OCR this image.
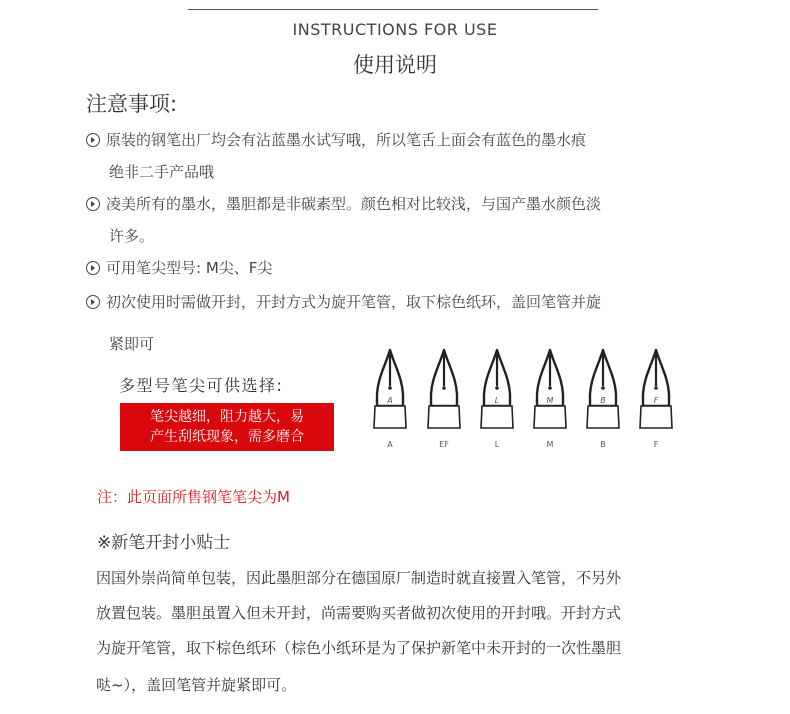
INSTRUCTIONS FOR USE
使用说明
注意事项:
原装的钢笔出厂均会有沾蓝墨水试写哦，所以笔舌上面会有蓝色的墨水痕
绝非二手产品哦
凌美所有的墨水，墨胆都是非碳素型。颜色相对比较浅，与国产墨水颜色淡
许多。
可用笔尖型号: M尖、F尖
初次使用时需做开封，开封方式为旋开笔管，取下棕色纸环，盖回笔管并旋
紧即可
多型号笔尖可供选择:
笔尖越细，阻力越大，易
产生刮纸现象，需多磨合
A
A	EF
L
L
M
M
B
B
F
F
注：此页面所售钢笔笔尖为M
※新笔开封小贴士
因国外崇尚简单包装，因此墨胆部分在德国原厂制造时就直接置入笔管，不另外
放置包装。墨胆虽置入但未开封，尚需要购买者做初次使用的开封哦。开封方式
为旋开笔管，取下棕色纸环（棕色小纸环是为了保护新笔中未开封的一次性墨胆
哒~），盖回笔管并旋紧即可。
